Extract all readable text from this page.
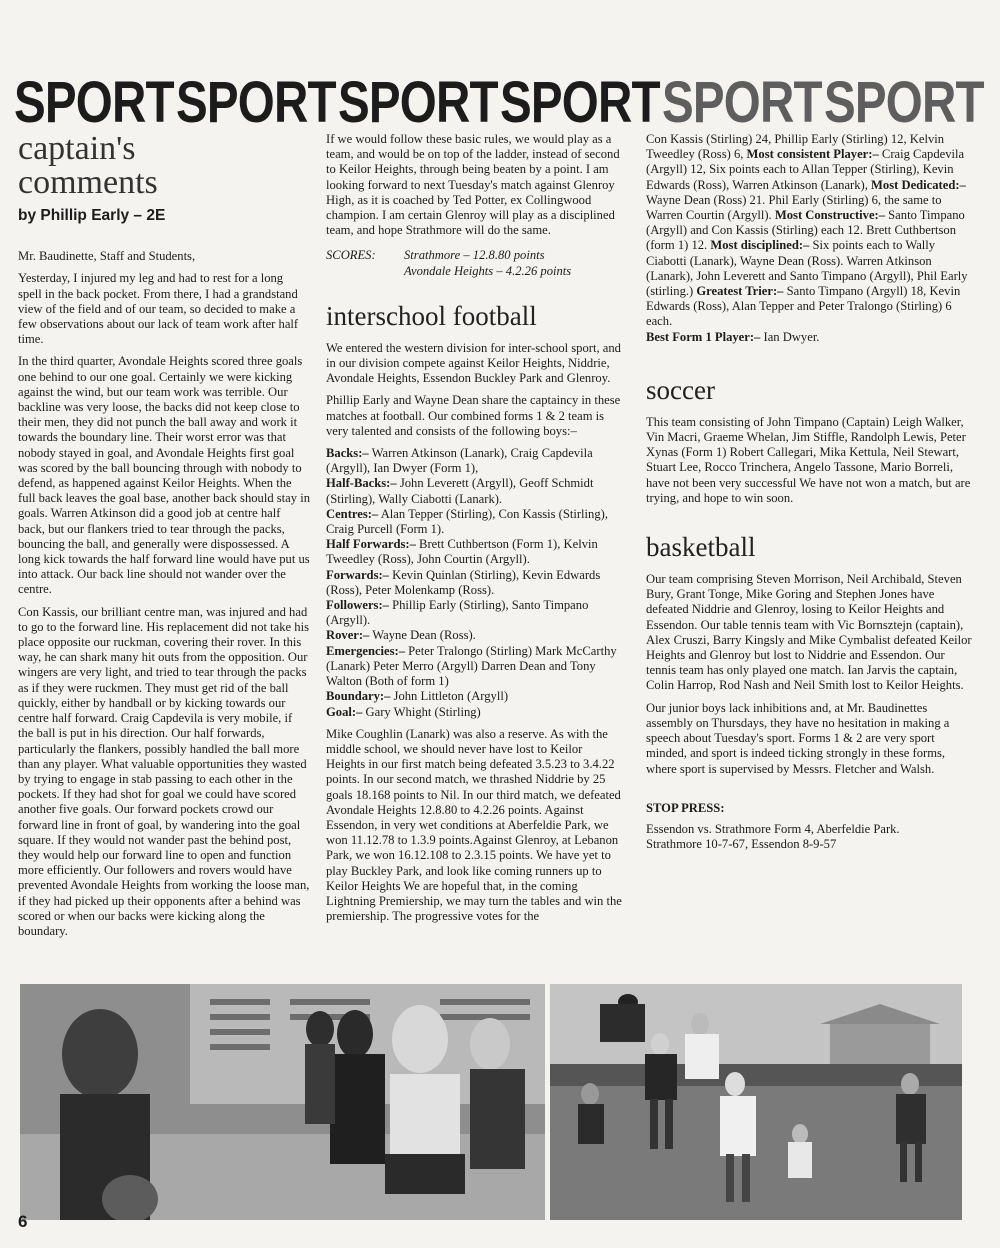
SPORT SPORT SPORT SPORT SPORT SPORT
captain's
comments
by Phillip Early – 2E

Mr. Baudinette, Staff and Students,

Yesterday, I injured my leg and had to rest for a long spell in the back pocket. From there, I had a grandstand view of the field and of our team, so decided to make a few observations about our lack of team work after half time.

In the third quarter, Avondale Heights scored three goals one behind to our one goal. Certainly we were kicking against the wind, but our team work was terrible. Our backline was very loose, the backs did not keep close to their men, they did not punch the ball away and work it towards the boundary line. Their worst error was that nobody stayed in goal, and Avondale Heights first goal was scored by the ball bouncing through with nobody to defend, as happened against Keilor Heights. When the full back leaves the goal base, another back should stay in goals. Warren Atkinson did a good job at centre half back, but our flankers tried to tear through the packs, bouncing the ball, and generally were dispossessed. A long kick towards the half forward line would have put us into attack. Our back line should not wander over the centre.

Con Kassis, our brilliant centre man, was injured and had to go to the forward line. His replacement did not take his place opposite our ruckman, covering their rover. In this way, he can shark many hit outs from the opposition. Our wingers are very light, and tried to tear through the packs as if they were ruckmen. They must get rid of the ball quickly, either by handball or by kicking towards our centre half forward. Craig Capdevila is very mobile, if the ball is put in his direction. Our half forwards, particularly the flankers, possibly handled the ball more than any player. What valuable opportunities they wasted by trying to engage in stab passing to each other in the pockets. If they had shot for goal we could have scored another five goals. Our forward pockets crowd our forward line in front of goal, by wandering into the goal square. If they would not wander past the behind post, they would help our forward line to open and function more efficiently. Our followers and rovers would have prevented Avondale Heights from working the loose man, if they had picked up their opponents after a behind was scored or when our backs were kicking along the boundary.

If we would follow these basic rules, we would play as a team, and would be on top of the ladder, instead of second to Keilor Heights, through being beaten by a point. I am looking forward to next Tuesday's match against Glenroy High, as it is coached by Ted Potter, ex Collingwood champion. I am certain Glenroy will play as a disciplined team, and hope Strathmore will do the same.

SCORES:	Strathmore – 12.8.80 points
Avondale Heights – 4.2.26 points
interschool football

We entered the western division for inter-school sport, and in our division compete against Keilor Heights, Niddrie, Avondale Heights, Essendon Buckley Park and Glenroy.

Phillip Early and Wayne Dean share the captaincy in these matches at football. Our combined forms 1 & 2 team is very talented and consists of the following boys:–

Backs:– Warren Atkinson (Lanark), Craig Capdevila (Argyll), Ian Dwyer (Form 1),
Half-Backs:– John Leverett (Argyll), Geoff Schmidt (Stirling), Wally Ciabotti (Lanark).
Centres:– Alan Tepper (Stirling), Con Kassis (Stirling), Craig Purcell (Form 1).
Half Forwards:– Brett Cuthbertson (Form 1), Kelvin Tweedley (Ross), John Courtin (Argyll).
Forwards:– Kevin Quinlan (Stirling), Kevin Edwards (Ross), Peter Molenkamp (Ross).
Followers:– Phillip Early (Stirling), Santo Timpano (Argyll).
Rover:– Wayne Dean (Ross).
Emergencies:– Peter Tralongo (Stirling) Mark McCarthy (Lanark) Peter Merro (Argyll) Darren Dean and Tony Walton (Both of form 1)
Boundary:– John Littleton (Argyll)
Goal:– Gary Whight (Stirling)

Mike Coughlin (Lanark) was also a reserve. As with the middle school, we should never have lost to Keilor Heights in our first match being defeated 3.5.23 to 3.4.22 points. In our second match, we thrashed Niddrie by 25 goals 18.168 points to Nil. In our third match, we defeated Avondale Heights 12.8.80 to 4.2.26 points. Against Essendon, in very wet conditions at Aberfeldie Park, we won 11.12.78 to 1.3.9 points.Against Glenroy, at Lebanon Park, we won 16.12.108 to 2.3.15 points. We have yet to play Buckley Park, and look like coming runners up to Keilor Heights We are hopeful that, in the coming Lightning Premiership, we may turn the tables and win the premiership. The progressive votes for the

Con Kassis (Stirling) 24, Phillip Early (Stirling) 12, Kelvin Tweedley (Ross) 6, Most consistent Player:– Craig Capdevila (Argyll) 12, Six points each to Allan Tepper (Stirling), Kevin Edwards (Ross), Warren Atkinson (Lanark), Most Dedicated:– Wayne Dean (Ross) 21. Phil Early (Stirling) 6, the same to Warren Courtin (Argyll). Most Constructive:– Santo Timpano (Argyll) and Con Kassis (Stirling) each 12. Brett Cuthbertson (form 1) 12. Most disciplined:– Six points each to Wally Ciabotti (Lanark), Wayne Dean (Ross). Warren Atkinson (Lanark), John Leverett and Santo Timpano (Argyll), Phil Early (stirling.) Greatest Trier:– Santo Timpano (Argyll) 18, Kevin Edwards (Ross), Alan Tepper and Peter Tralongo (Stirling) 6 each.

Best Form 1 Player:– Ian Dwyer.

soccer

This team consisting of John Timpano (Captain) Leigh Walker, Vin Macri, Graeme Whelan, Jim Stiffle, Randolph Lewis, Peter Xynas (Form 1) Robert Callegari, Mika Kettula, Neil Stewart, Stuart Lee, Rocco Trinchera, Angelo Tassone, Mario Borreli, have not been very successful We have not won a match, but are trying, and hope to win soon.

basketball

Our team comprising Steven Morrison, Neil Archibald, Steven Bury, Grant Tonge, Mike Goring and Stephen Jones have defeated Niddrie and Glenroy, losing to Keilor Heights and Essendon. Our table tennis team with Vic Bornsztejn (captain), Alex Cruszi, Barry Kingsly and Mike Cymbalist defeated Keilor Heights and Glenroy but lost to Niddrie and Essendon. Our tennis team has only played one match. Ian Jarvis the captain, Colin Harrop, Rod Nash and Neil Smith lost to Keilor Heights.

Our junior boys lack inhibitions and, at Mr. Baudinettes assembly on Thursdays, they have no hesitation in making a speech about Tuesday's sport. Forms 1 & 2 are very sport minded, and sport is indeed ticking strongly in these forms, where sport is supervised by Messrs. Fletcher and Walsh.

STOP PRESS:
Essendon vs. Strathmore Form 4, Aberfeldie Park.
Strathmore 10-7-67, Essendon 8-9-57
6
